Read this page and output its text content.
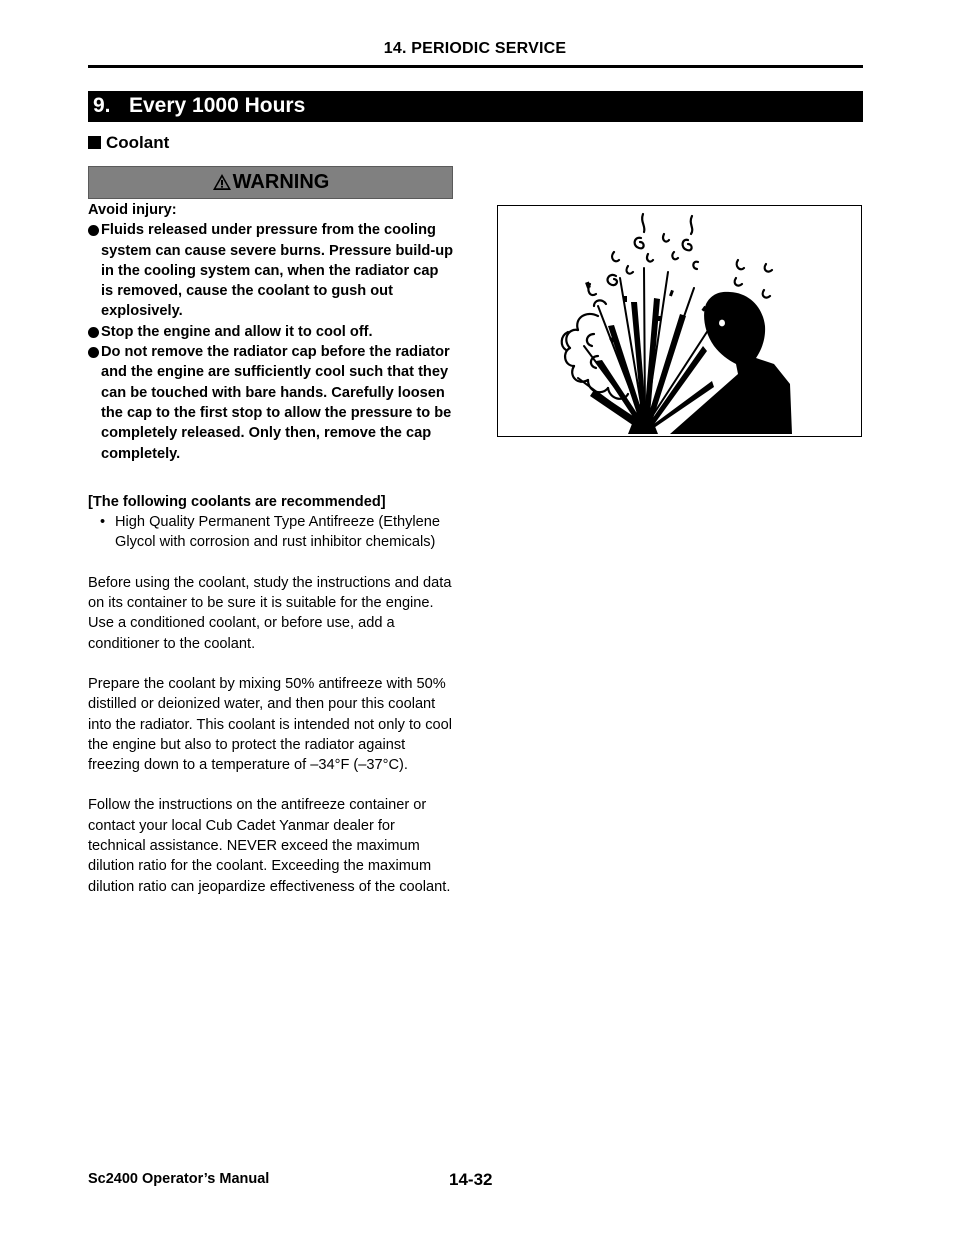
14. PERIODIC SERVICE
9. Every 1000 Hours
Coolant
WARNING
Avoid injury:
Fluids released under pressure from the cooling system can cause severe burns. Pressure build-up in the cooling system can, when the radiator cap is removed, cause the coolant to gush out explosively.
Stop the engine and allow it to cool off.
Do not remove the radiator cap before the radiator and the engine are sufficiently cool such that they can be touched with bare hands. Carefully loosen the cap to the first stop to allow the pressure to be completely released. Only then, remove the cap completely.
[The following coolants are recommended]
• High Quality Permanent Type Antifreeze (Ethylene Glycol with corrosion and rust inhibitor chemicals)

Before using the coolant, study the instructions and data on its container to be sure it is suitable for the engine.

Use a conditioned coolant, or before use, add a conditioner to the coolant.

Prepare the coolant by mixing 50% antifreeze with 50% distilled or deionized water, and then pour this coolant into the radiator. This coolant is intended not only to cool the engine but also to protect the radiator against freezing down to a temperature of –34°F (–37°C).

Follow the instructions on the antifreeze container or contact your local Cub Cadet Yanmar dealer for technical assistance. NEVER exceed the maximum dilution ratio for the coolant. Exceeding the maximum dilution ratio can jeopardize effectiveness of the coolant.

Sc2400 Operator’s Manual	14-32
